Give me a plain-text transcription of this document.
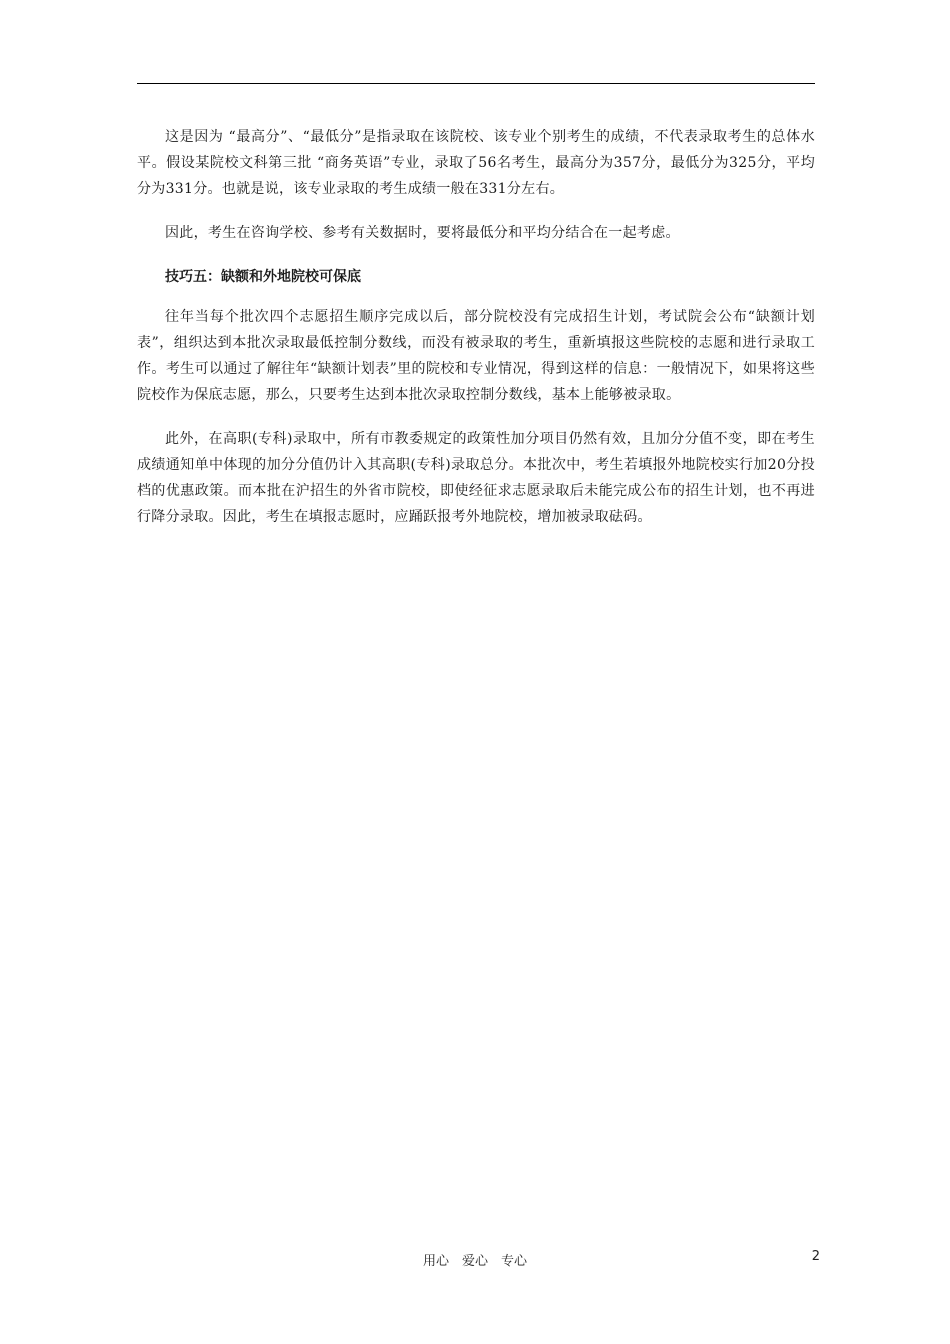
这是因为 “最高分”、“最低分”是指录取在该院校、该专业个别考生的成绩，不代表录取考生的总体水平。假设某院校文科第三批 “商务英语”专业，录取了56名考生，最高分为357分，最低分为325分，平均分为331分。也就是说，该专业录取的考生成绩一般在331分左右。

因此，考生在咨询学校、参考有关数据时，要将最低分和平均分结合在一起考虑。

技巧五：缺额和外地院校可保底

往年当每个批次四个志愿招生顺序完成以后，部分院校没有完成招生计划，考试院会公布“缺额计划表”，组织达到本批次录取最低控制分数线，而没有被录取的考生，重新填报这些院校的志愿和进行录取工作。考生可以通过了解往年“缺额计划表”里的院校和专业情况，得到这样的信息：一般情况下，如果将这些院校作为保底志愿，那么，只要考生达到本批次录取控制分数线，基本上能够被录取。

此外，在高职(专科)录取中，所有市教委规定的政策性加分项目仍然有效，且加分分值不变，即在考生成绩通知单中体现的加分分值仍计入其高职(专科)录取总分。本批次中，考生若填报外地院校实行加20分投档的优惠政策。而本批在沪招生的外省市院校，即使经征求志愿录取后未能完成公布的招生计划，也不再进行降分录取。因此，考生在填报志愿时，应踊跃报考外地院校，增加被录取砝码。

用心　爱心　专心	2
